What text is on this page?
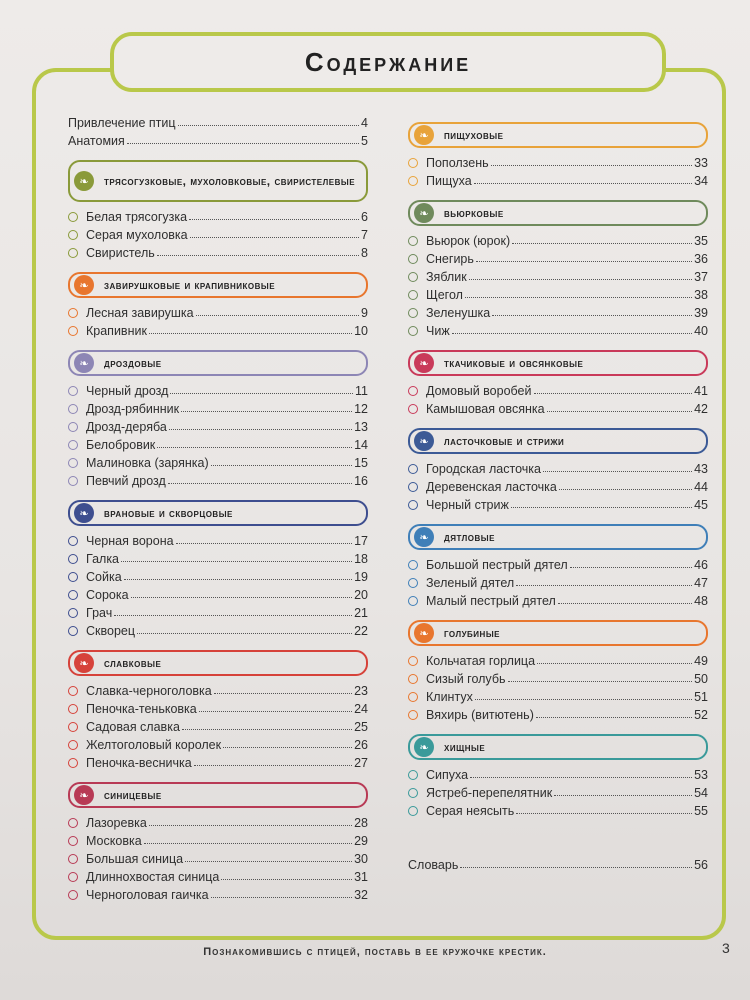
Содержание
Привлечение птиц	4
Анатомия	5
❧	трясогузковые, мухоловковые, свиристелевые
Белая трясогузка	6
Серая мухоловка	7
Свиристель	8
❧	завирушковые и крапивниковые
Лесная завирушка	9
Крапивник	10
❧	дроздовые
Черный дрозд	11
Дрозд-рябинник	12
Дрозд-деряба	13
Белобровик	14
Малиновка (зарянка)	15
Певчий дрозд	16
❧	врановые и скворцовые
Черная ворона	17
Галка	18
Сойка	19
Сорока	20
Грач	21
Скворец	22
❧	славковые
Славка-черноголовка	23
Пеночка-теньковка	24
Садовая славка	25
Желтоголовый королек	26
Пеночка-весничка	27
❧	синицевые
Лазоревка	28
Московка	29
Большая синица	30
Длиннохвостая синица	31
Черноголовая гаичка	32
❧	пищуховые
Поползень	33
Пищуха	34
❧	вьюрковые
Вьюрок (юрок)	35
Снегирь	36
Зяблик	37
Щегол	38
Зеленушка	39
Чиж	40
❧	ткачиковые и овсянковые
Домовый воробей	41
Камышовая овсянка	42
❧	ласточковые и стрижи
Городская ласточка	43
Деревенская ласточка	44
Черный стриж	45
❧	дятловые
Большой пестрый дятел	46
Зеленый дятел	47
Малый пестрый дятел	48
❧	голубиные
Кольчатая горлица	49
Сизый голубь	50
Клинтух	51
Вяхирь (витютень)	52
❧	хищные
Сипуха	53
Ястреб-перепелятник	54
Серая неясыть	55
Словарь	56
Познакомившись с птицей, поставь в ее кружочке крестик.	3
